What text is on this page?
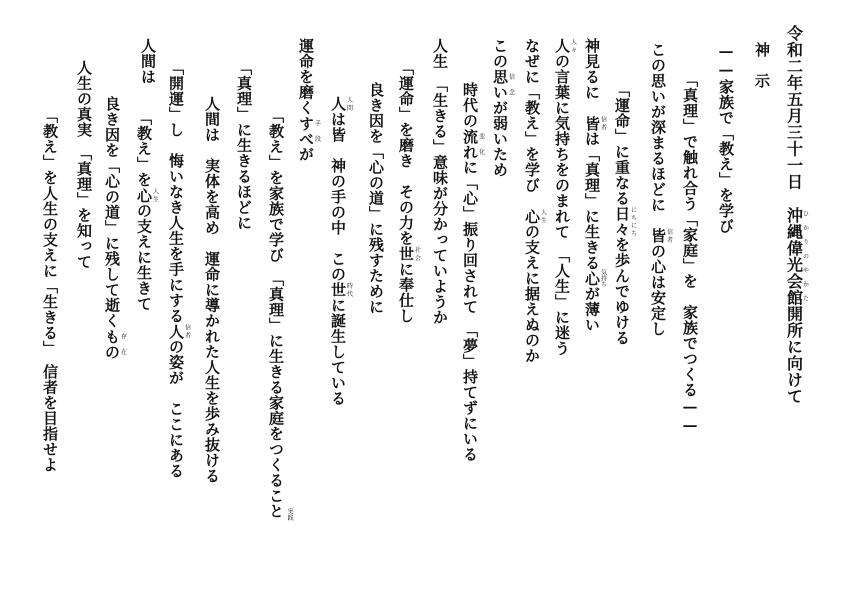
令和二年五月三十一日　沖縄偉光会館ひかりのやかた開所に向けて
神　示
——家族で「教え」を学び
「真理」で触れ合う「家庭」を　家族でつくる——
この思いが深まるほどに　皆信者の心は安定し
「運命」に重なる日々にちにちを歩んでゆける
神見るに　皆信者は「真理」に生きる心気持ちが薄い
人人々の言葉に気持ちをのまれて　「人生」に迷う
なぜに「教え」を学び　心人生の支えに据えぬのか
この思い信念が弱いため
時代の流れ変化に「心」振り回されて　「夢」持てずにいる
人生　「生きる」意味が分かっていようか
「運命」を磨き　その力を世社会に奉仕し
良き因を「心の道」に残すために
人人間は皆　神の手の中　この世時代に誕生している
運命を磨くすべ手段が
「教え」を家族で学び　「真理」に生きる家庭をつくること 実践
「真理」に生きるほどに
人間は　実体を高め　運命に導かれた人生を歩み抜ける
「開運」し　悔いなき人生を手にする人信者の姿が　ここにある
人間は
「教え」を心人生の支えに生きて
良き因を「心の道」に残して逝くもの存在
人生の真実　「真理」を知って
「教え」を人生の支えに「生きる」　信者を目指せよ
